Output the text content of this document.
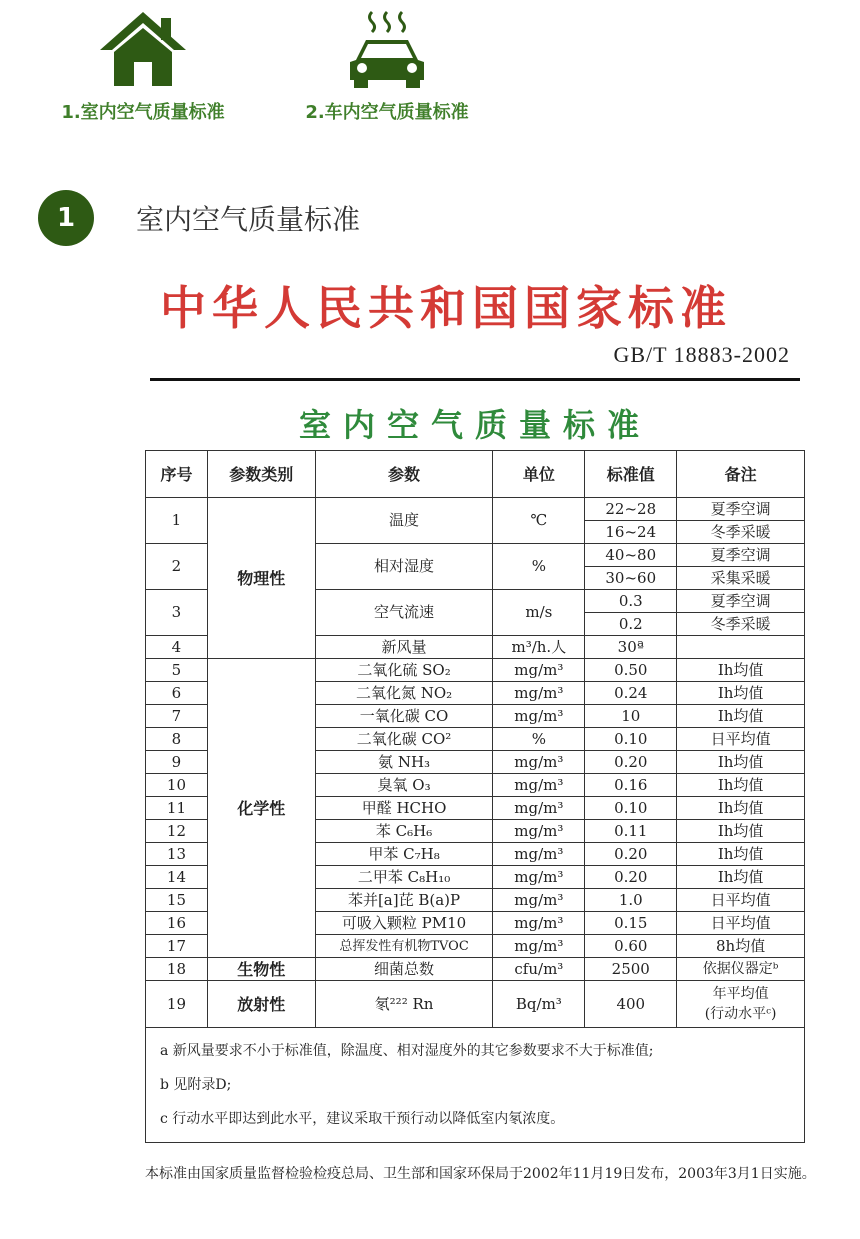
1.室内空气质量标准	2.车内空气质量标准
1	室内空气质量标准
中华人民共和国国家标准
GB/T 18883-2002
室内空气质量标准
序号	参数类别	参数	单位	标准值	备注
1	物理性	温度	℃	22~28	夏季空调
				16~24	冬季采暖
2		相对湿度	%	40~80	夏季空调
				30~60	采集采暖
3		空气流速	m/s	0.3	夏季空调
				0.2	冬季采暖
4		新风量	m³/h.人	30ª	
5	化学性	二氧化硫 SO₂	mg/m³	0.50	Ih均值
6		二氧化氮 NO₂	mg/m³	0.24	Ih均值
7		一氧化碳 CO	mg/m³	10	Ih均值
8		二氧化碳 CO²	%	0.10	日平均值
9		氨 NH₃	mg/m³	0.20	Ih均值
10		臭氧 O₃	mg/m³	0.16	Ih均值
11		甲醛 HCHO	mg/m³	0.10	Ih均值
12		苯 C₆H₆	mg/m³	0.11	Ih均值
13		甲苯 C₇H₈	mg/m³	0.20	Ih均值
14		二甲苯 C₈H₁₀	mg/m³	0.20	Ih均值
15		苯并[a]芘 B(a)P	mg/m³	1.0	日平均值
16		可吸入颗粒 PM10	mg/m³	0.15	日平均值
17		总挥发性有机物TVOC	mg/m³	0.60	8h均值
18	生物性	细菌总数	cfu/m³	2500	依据仪器定ᵇ
19	放射性	氡²²² Rn	Bq/m³	400	年平均值
(行动水平ᶜ)

a 新风量要求不小于标准值，除温度、相对湿度外的其它参数要求不大于标准值;

b 见附录D;

c 行动水平即达到此水平，建议采取干预行动以降低室内氡浓度。					

本标准由国家质量监督检验检疫总局、卫生部和国家环保局于2002年11月19日发布，2003年3月1日实施。
